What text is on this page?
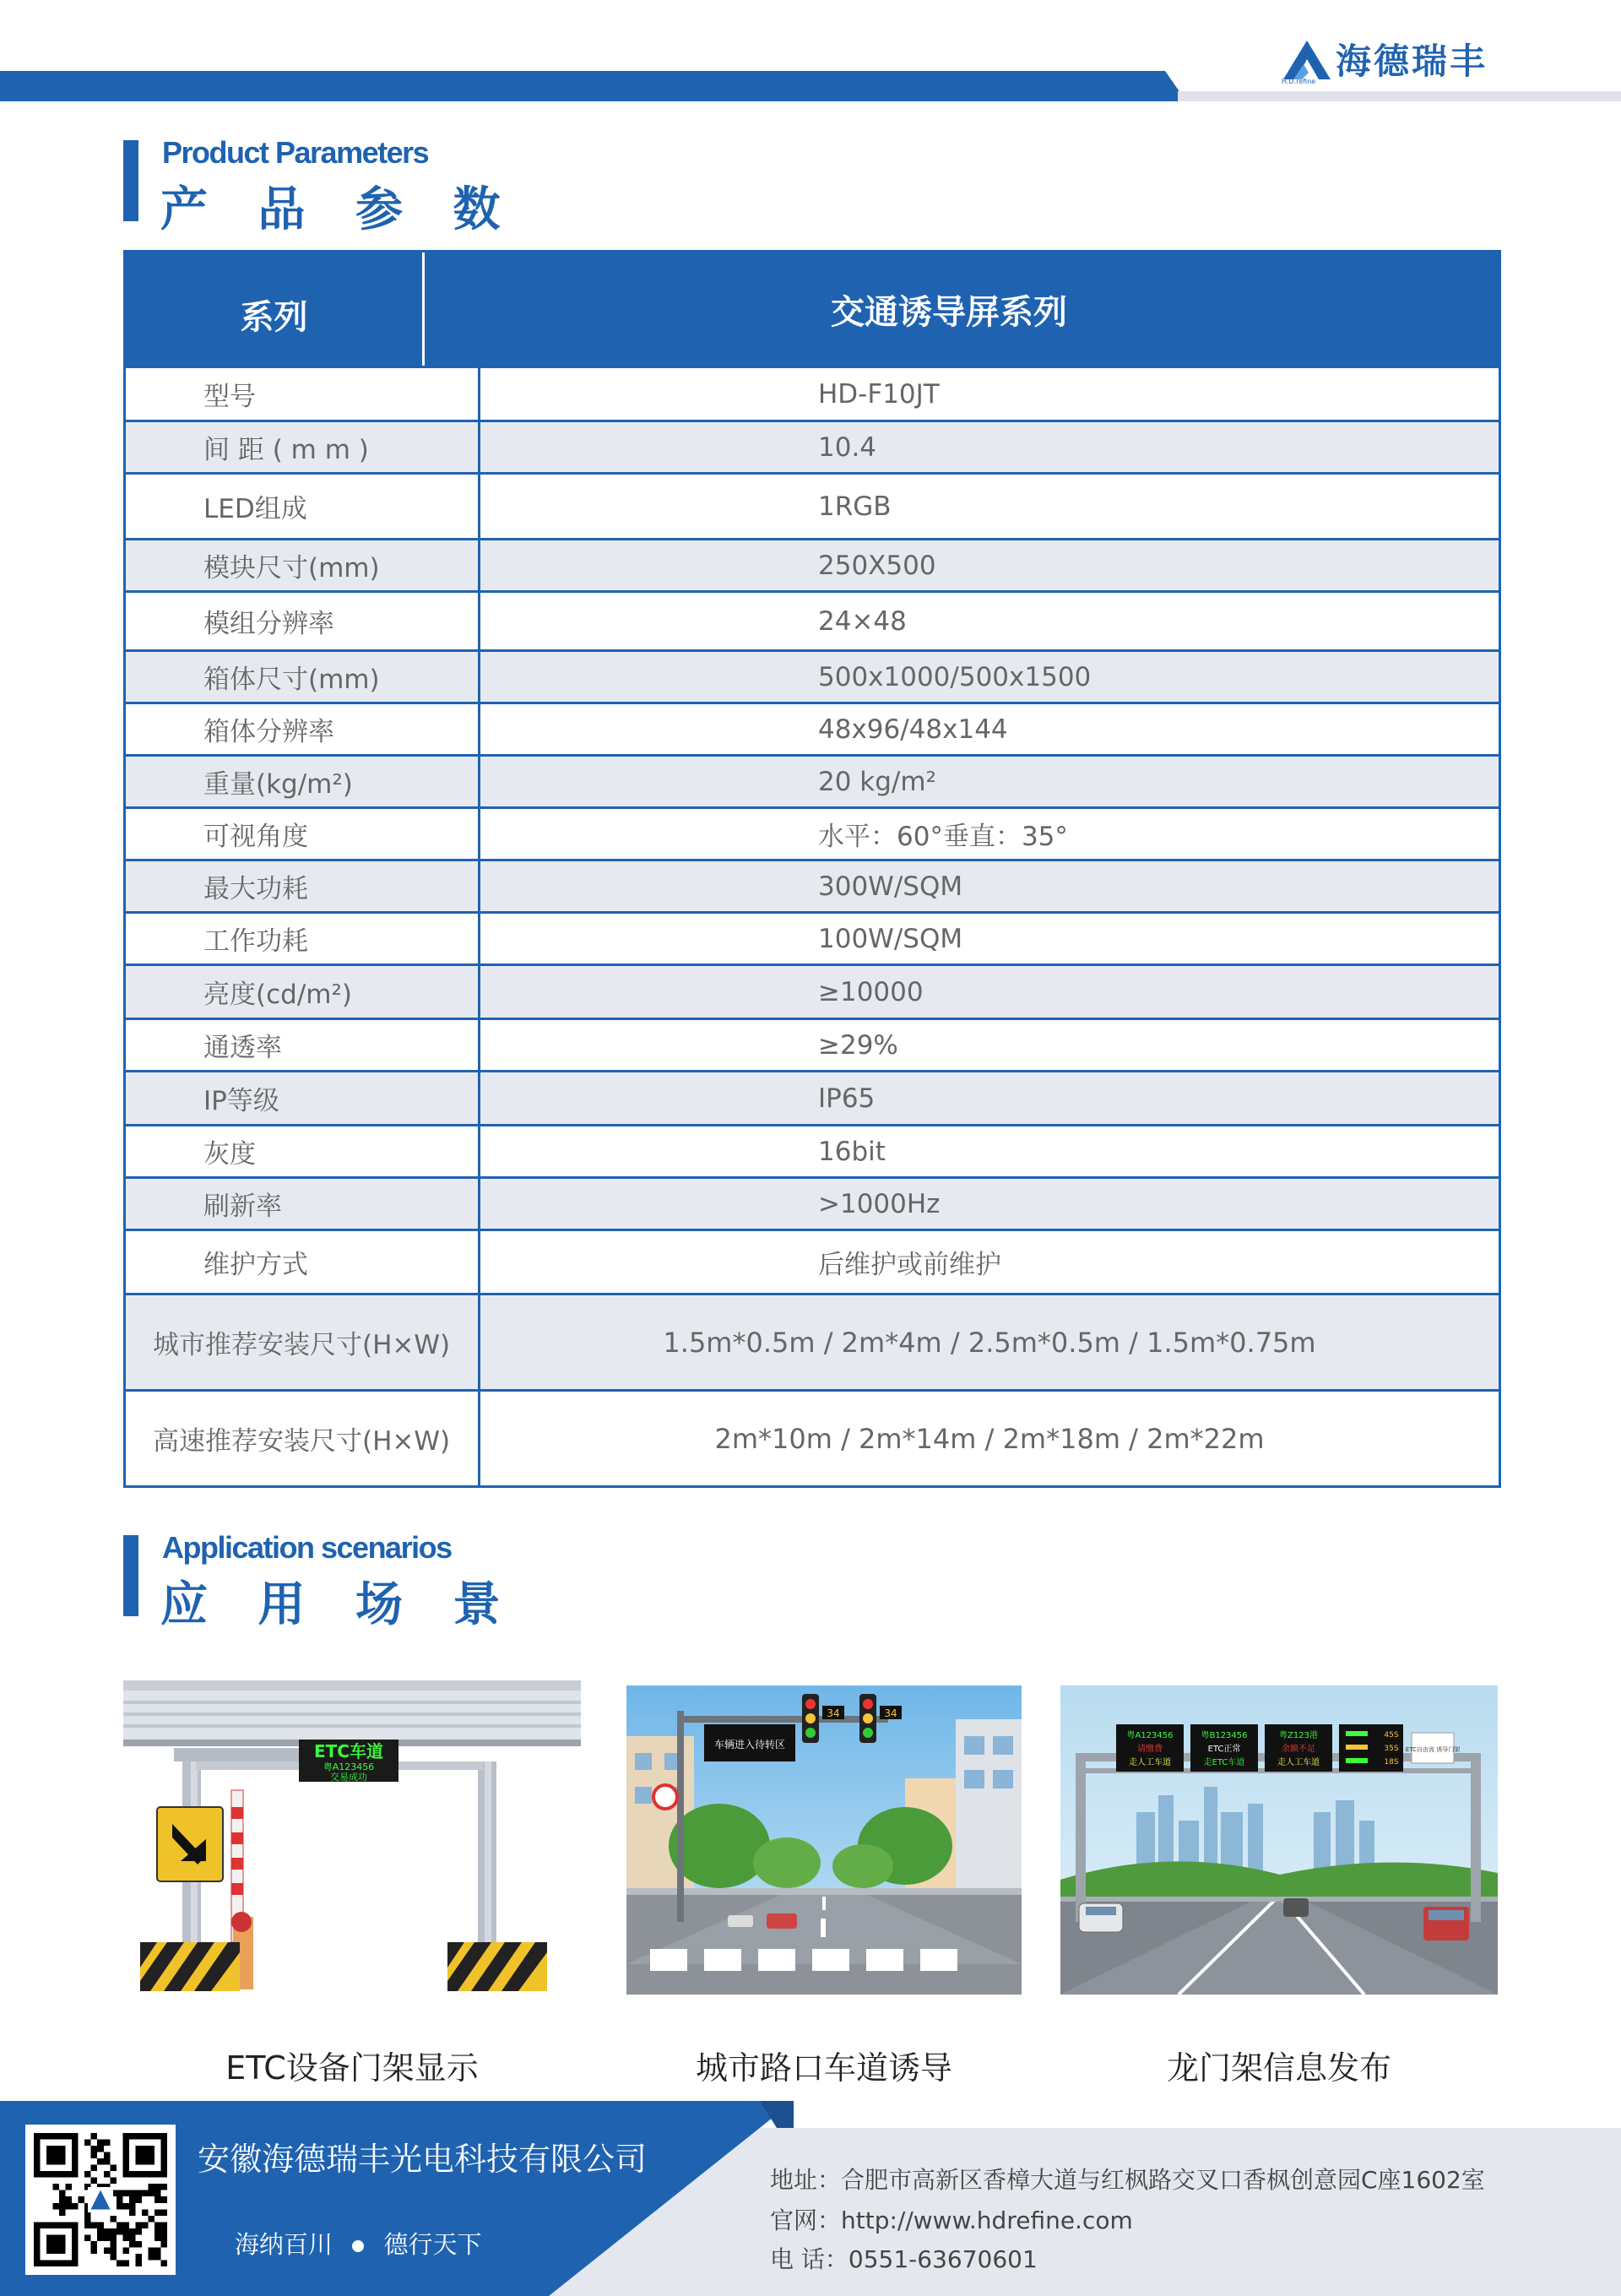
海德瑞丰
H.D.refine
Product Parameters
产 品 参 数
系列	交通诱导屏系列
型号	HD-F10JT
间 距 ( m m )	10.4
LED组成	1RGB
模块尺寸(mm)	250X500
模组分辨率	24×48
箱体尺寸(mm)	500x1000/500x1500
箱体分辨率	48x96/48x144
重量(kg/m²)	20 kg/m²
可视角度	水平：60°垂直：35°
最大功耗	300W/SQM
工作功耗	100W/SQM
亮度(cd/m²)	≥10000
通透率	≥29%
IP等级	IP65
灰度	16bit
刷新率	>1000Hz
维护方式	后维护或前维护
城市推荐安装尺寸(H×W)	1.5m*0.5m / 2m*4m / 2.5m*0.5m / 1.5m*0.75m
高速推荐安装尺寸(H×W)	2m*10m / 2m*14m / 2m*18m / 2m*22m
Application scenarios
应 用 场 景
ETC车道
粤A123456
交易成功
车辆进入待转区
34	34
粤A123456
请缴费
走人工车道
粤B123456
ETC正常
走ETC车道
粤Z123港
余额不足
走人工车道
45S
35S
18S
ETC自由流 诱导门架
ETC设备门架显示	城市路口车道诱导	龙门架信息发布
安徽海德瑞丰光电科技有限公司
海纳百川 德行天下
地址：合肥市高新区香樟大道与红枫路交叉口香枫创意园C座1602室
官网：http://www.hdrefine.com
电 话：0551-63670601
